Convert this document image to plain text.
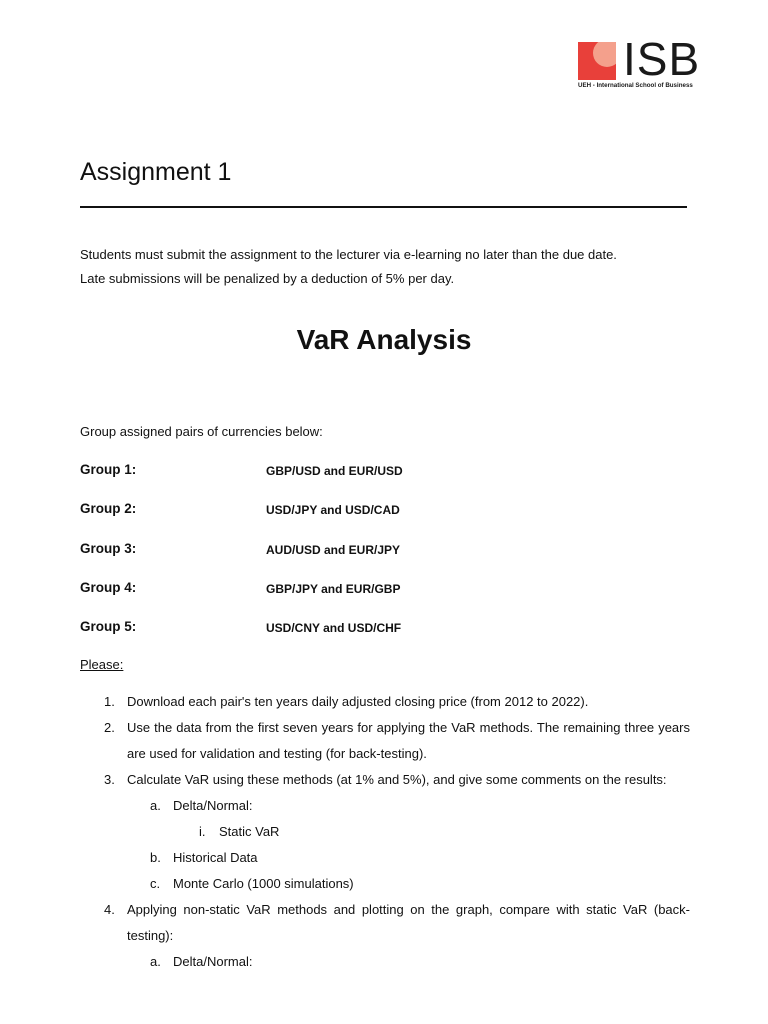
ISB
UEH - International School of Business
Assignment 1
Students must submit the assignment to the lecturer via e-learning no later than the due date.
Late submissions will be penalized by a deduction of 5% per day.
VaR Analysis
Group assigned pairs of currencies below:
Group 1:	GBP/USD and EUR/USD
Group 2:	USD/JPY and USD/CAD
Group 3:	AUD/USD and EUR/JPY
Group 4:	GBP/JPY and EUR/GBP
Group 5:	USD/CNY and USD/CHF
Please:
1. Download each pair's ten years daily adjusted closing price (from 2012 to 2022).
2. Use the data from the first seven years for applying the VaR methods. The remaining three years are used for validation and testing (for back-testing).
3. Calculate VaR using these methods (at 1% and 5%), and give some comments on the results:
a. Delta/Normal:
i. Static VaR
b. Historical Data
c. Monte Carlo (1000 simulations)
4. Applying non-static VaR methods and plotting on the graph, compare with static VaR (back-testing):
a. Delta/Normal:
